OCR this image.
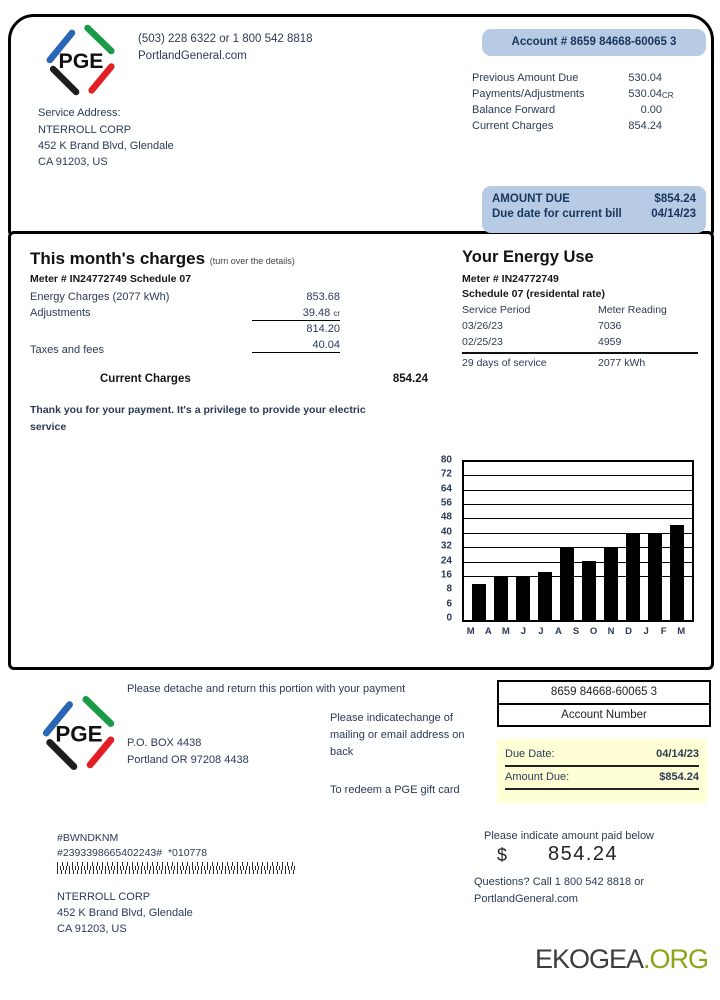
PGE
(503) 228 6322 or 1 800 542 8818
PortlandGeneral.com
Service Address:
NTERROLL CORP
452 K Brand Blvd, Glendale
CA 91203, US
Account # 8659 84668-60065 3
Previous Amount Due	530.04
Payments/Adjustments	530.04 CR
Balance Forward	0.00
Current Charges	854.24
AMOUNT DUE	$854.24
Due date for current bill	04/14/23
This month's charges (turn over the details)
Meter # IN24772749 Schedule 07
Energy Charges (2077 kWh)	853.68
Adjustments	39.48 cr
814.20
Taxes and fees	40.04
Current Charges	854.24
Thank you for your payment. It's a privilege to provide your electric service
Your Energy Use
Meter # IN24772749
Schedule 07 (residental rate)
Service Period	Meter Reading
03/26/23	7036
02/25/23	4959
29 days of service	2077 kWh
80
72
64
56
48
40
32
24
16
8
6
0
M A M J J A S O N D J F M
PGE
Please detache and return this portion with your payment
P.O. BOX 4438
Portland OR 97208 4438
Please indicatechange of
mailing or email address on
back
To redeem a PGE gift card
8659 84668-60065 3
Account Number
Due Date:	04/14/23
Amount Due:	$854.24
#BWNDKNM
#2393398665402243#  *010778
NTERROLL CORP
452 K Brand Blvd, Glendale
CA 91203, US
Please indicate amount paid below
$ 854.24
Questions? Call 1 800 542 8818 or
PortlandGeneral.com
EKOGEA.ORG
